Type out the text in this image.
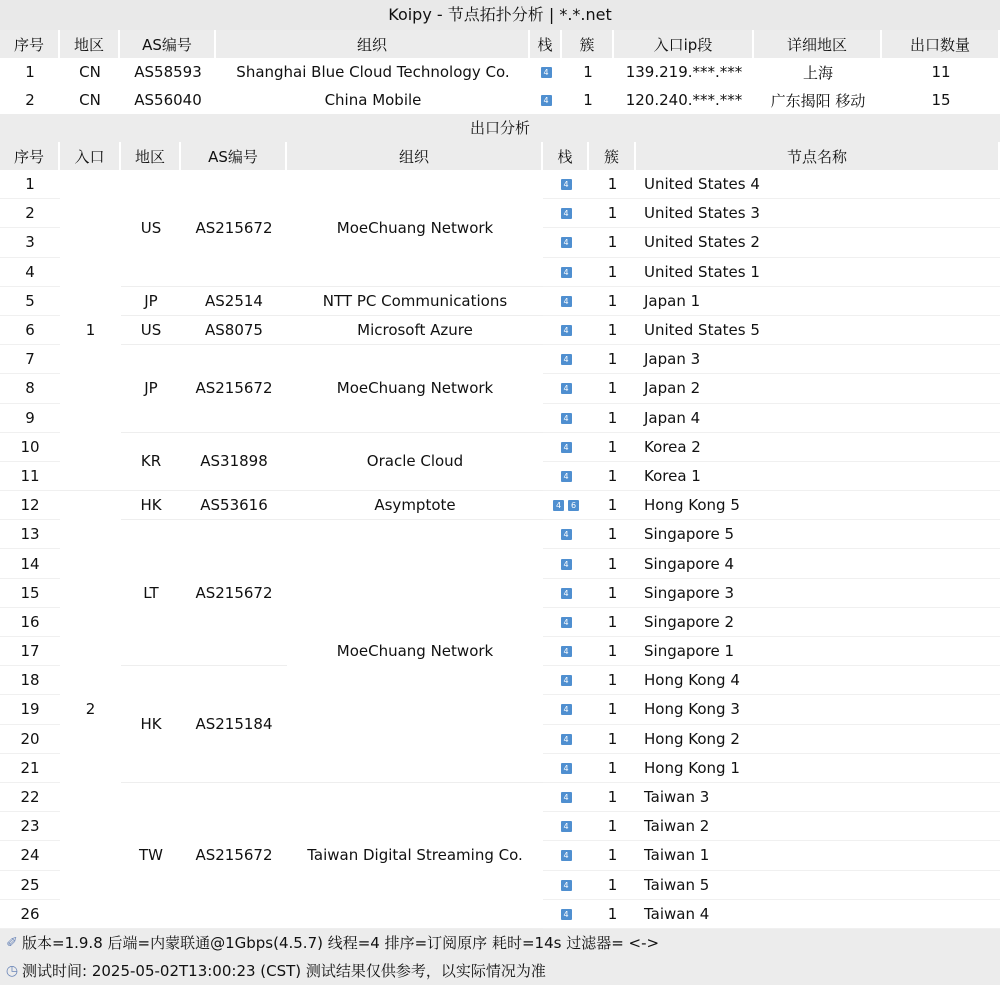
Koipy - 节点拓扑分析 | *.*.net
序号	地区	AS编号	组织	栈	簇	入口ip段	详细地区	出口数量
1	CN	AS58593	Shanghai Blue Cloud Technology Co.	4	1	139.219.***.***	上海	11
2	CN	AS56040	China Mobile	4	1	120.240.***.***	广东揭阳 移动	15
出口分析
序号	入口	地区	AS编号	组织	栈	簇	节点名称
1	1	US	AS215672	MoeChuang Network	4	1	United States 4
2					4	1	United States 3
3					4	1	United States 2
4					4	1	United States 1
5		JP	AS2514	NTT PC Communications	4	1	Japan 1
6		US	AS8075	Microsoft Azure	4	1	United States 5
7		JP	AS215672	MoeChuang Network	4	1	Japan 3
8					4	1	Japan 2
9					4	1	Japan 4
10		KR	AS31898	Oracle Cloud	4	1	Korea 2
11					4	1	Korea 1
12	2	HK	AS53616	Asymptote	4 6	1	Hong Kong 5
13		LT	AS215672	MoeChuang Network	4	1	Singapore 5
14					4	1	Singapore 4
15					4	1	Singapore 3
16					4	1	Singapore 2
17					4	1	Singapore 1
18		HK	AS215184		4	1	Hong Kong 4
19					4	1	Hong Kong 3
20					4	1	Hong Kong 2
21					4	1	Hong Kong 1
22		TW	AS215672	Taiwan Digital Streaming Co.	4	1	Taiwan 3
23					4	1	Taiwan 2
24					4	1	Taiwan 1
25					4	1	Taiwan 5
26					4	1	Taiwan 4
✐ 版本=1.9.8 后端=内蒙联通@1Gbps(4.5.7) 线程=4 排序=订阅原序 耗时=14s 过滤器= <->
◷ 测试时间: 2025-05-02T13:00:23 (CST) 测试结果仅供参考，以实际情况为准
